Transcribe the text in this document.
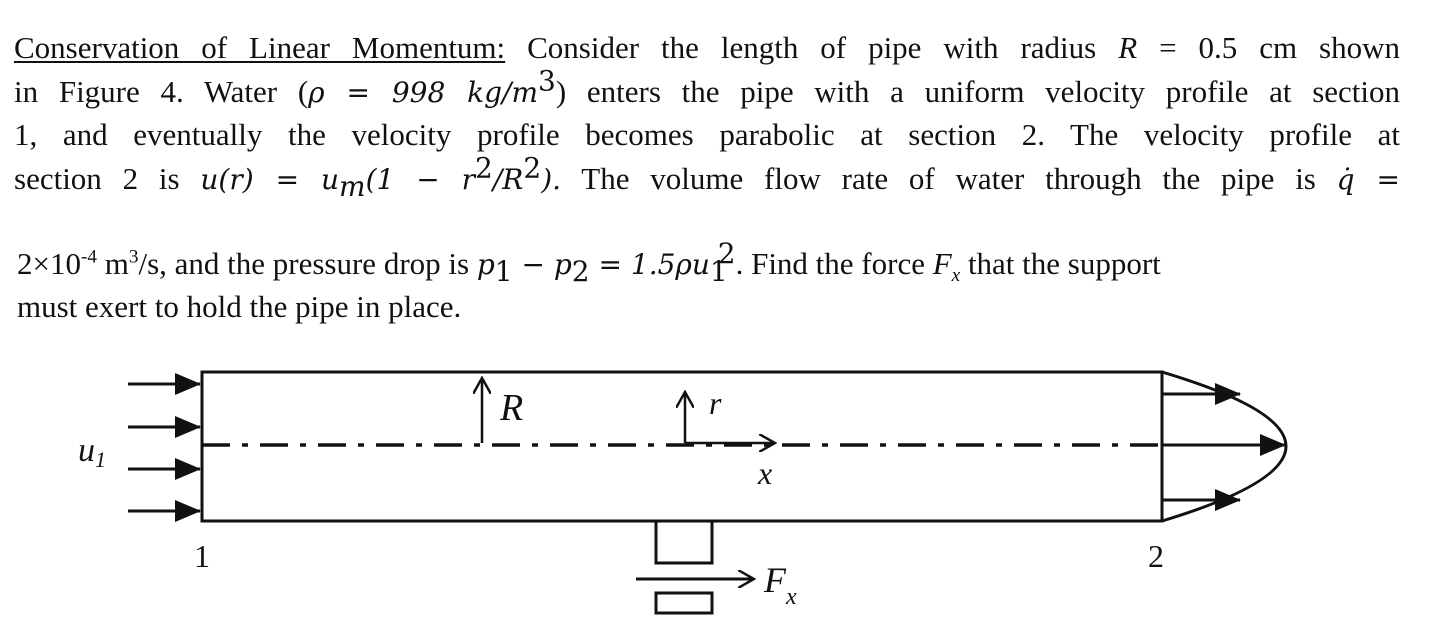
Conservation of Linear Momentum: Consider the length of pipe with radius R = 0.5 cm shown
in Figure 4. Water (ρ = 998 $kg/m^3$) enters the pipe with a uniform velocity profile at section
1, and eventually the velocity profile becomes parabolic at section 2. The velocity profile at
section 2 is $u(r) = u_m(1 - r^2/R^2)$. The volume flow rate of water through the pipe is q̇ =
$2\times 10^{-4}$ $m^3/s$, and the pressure drop is $p_1 - p_2 = 1.5\rho u_1^2$. Find the force $F_x$ that the support
must exert to hold the pipe in place.
u1
R	r
x
1	2
$F_x$
